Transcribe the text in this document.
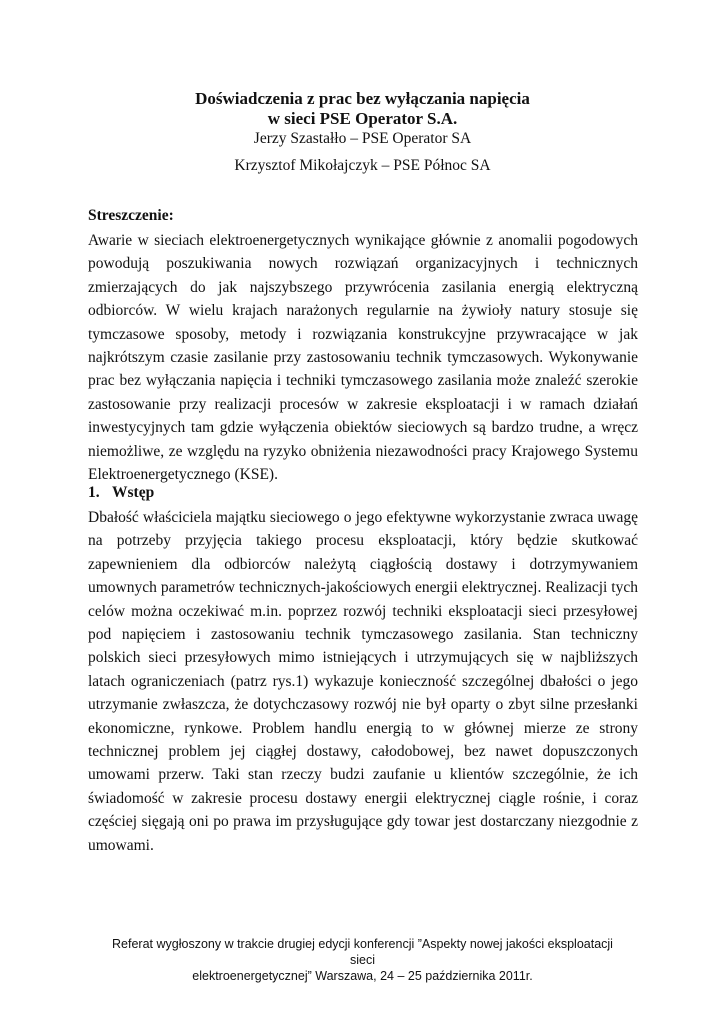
Doświadczenia z prac bez wyłączania napięcia
w sieci PSE Operator S.A.
Jerzy Szastałło – PSE Operator SA
Krzysztof Mikołajczyk – PSE Północ SA
Streszczenie:

Awarie w sieciach elektroenergetycznych wynikające głównie z anomalii pogodowych powodują poszukiwania nowych rozwiązań organizacyjnych i technicznych zmierzających do jak najszybszego przywrócenia zasilania energią elektryczną odbiorców. W wielu krajach narażonych regularnie na żywioły natury stosuje się tymczasowe sposoby, metody i rozwiązania konstrukcyjne przywracające w jak najkrótszym czasie zasilanie przy zastosowaniu technik tymczasowych. Wykonywanie prac bez wyłączania napięcia i techniki tymczasowego zasilania może znaleźć szerokie zastosowanie przy realizacji procesów w zakresie eksploatacji i w ramach działań inwestycyjnych tam gdzie wyłączenia obiektów sieciowych są bardzo trudne, a wręcz niemożliwe, ze względu na ryzyko obniżenia niezawodności pracy Krajowego Systemu Elektroenergetycznego (KSE).

1. Wstęp

Dbałość właściciela majątku sieciowego o jego efektywne wykorzystanie zwraca uwagę na potrzeby przyjęcia takiego procesu eksploatacji, który będzie skutkować zapewnieniem dla odbiorców należytą ciągłością dostawy i dotrzymywaniem umownych parametrów technicznych-jakościowych energii elektrycznej. Realizacji tych celów można oczekiwać m.in. poprzez rozwój techniki eksploatacji sieci przesyłowej pod napięciem i zastosowaniu technik tymczasowego zasilania. Stan techniczny polskich sieci przesyłowych mimo istniejących i utrzymujących się w najbliższych latach ograniczeniach (patrz rys.1) wykazuje konieczność szczególnej dbałości o jego utrzymanie zwłaszcza, że dotychczasowy rozwój nie był oparty o zbyt silne przesłanki ekonomiczne, rynkowe. Problem handlu energią to w głównej mierze ze strony technicznej problem jej ciągłej dostawy, całodobowej, bez nawet dopuszczonych umowami przerw. Taki stan rzeczy budzi zaufanie u klientów szczególnie, że ich świadomość w zakresie procesu dostawy energii elektrycznej ciągle rośnie, i coraz częściej sięgają oni po prawa im przysługujące gdy towar jest dostarczany niezgodnie z umowami.

Referat wygłoszony w trakcie drugiej edycji konferencji ”Aspekty nowej jakości eksploatacji sieci
elektroenergetycznej” Warszawa, 24 – 25 października 2011r.
